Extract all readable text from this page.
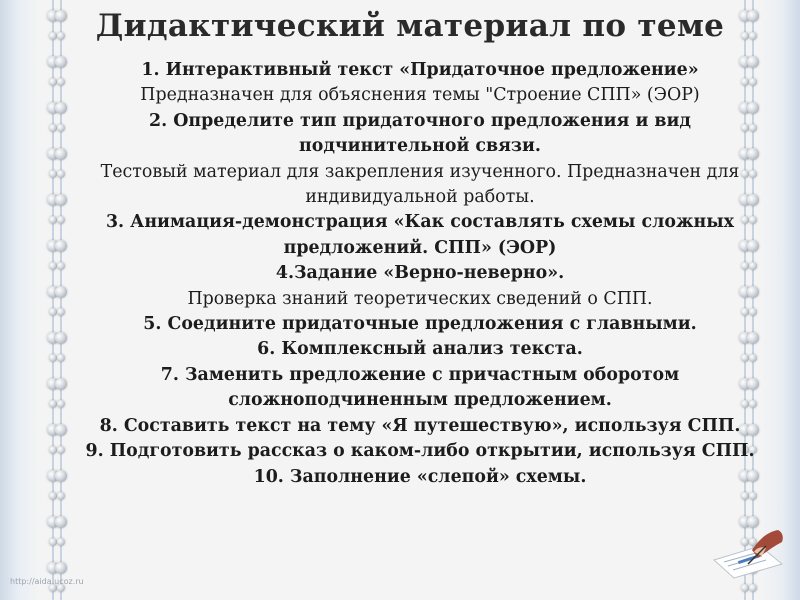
Дидактический материал по теме
1. Интерактивный текст «Придаточное предложение»
Предназначен для объяснения темы "Строение СПП» (ЭОР)
2. Определите тип придаточного предложения и вид подчинительной связи.
Тестовый материал для закрепления изученного. Предназначен для индивидуальной работы.
3. Анимация-демонстрация «Как составлять схемы сложных предложений. СПП» (ЭОР)
4.Задание «Верно-неверно».
Проверка знаний теоретических сведений о СПП.
5. Соедините придаточные предложения с главными.
6. Комплексный анализ текста.
7. Заменить предложение с причастным оборотом сложноподчиненным предложением.
8. Составить текст на тему «Я путешествую», используя СПП.
9. Подготовить рассказ о каком-либо открытии, используя СПП.
10. Заполнение «слепой» схемы.
http://aida.ucoz.ru
